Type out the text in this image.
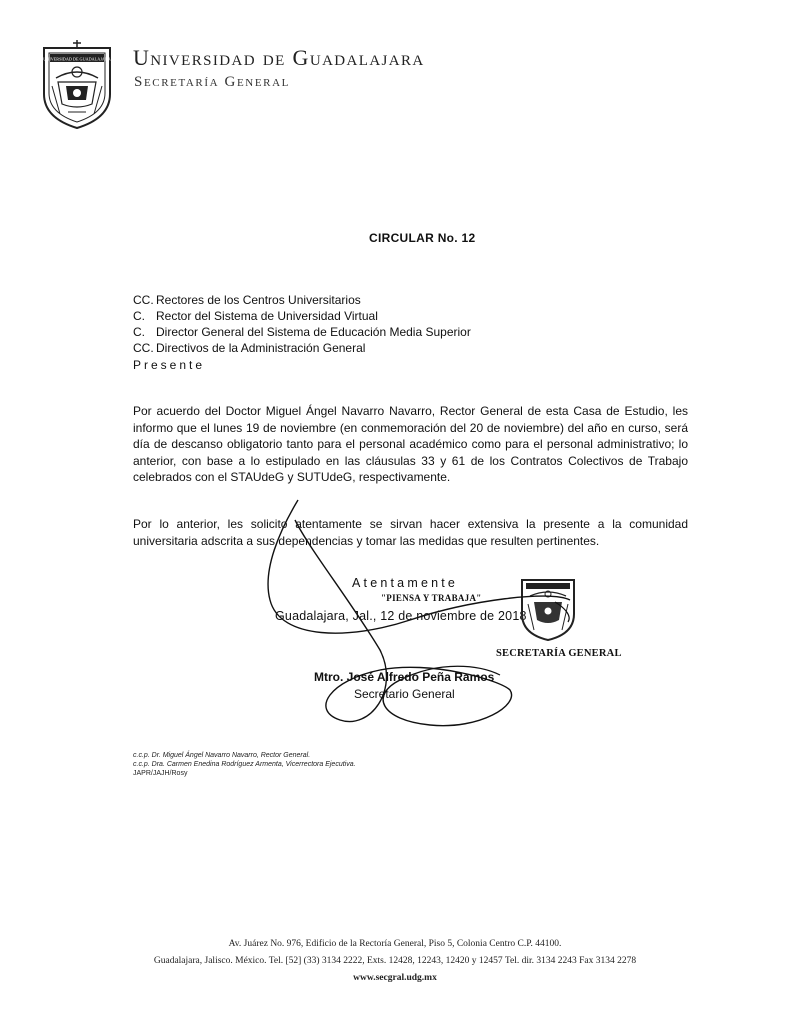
UNIVERSIDAD DE GUADALAJARA Universidad de Guadalajara
Secretaría General
CIRCULAR No. 12
CC. Rectores de los Centros Universitarios
C. Rector del Sistema de Universidad Virtual
C. Director General del Sistema de Educación Media Superior
CC. Directivos de la Administración General
Presente
Por acuerdo del Doctor Miguel Ángel Navarro Navarro, Rector General de esta Casa de Estudio, les informo que el lunes 19 de noviembre (en conmemoración del 20 de noviembre) del año en curso, será día de descanso obligatorio tanto para el personal académico como para el personal administrativo; lo anterior, con base a lo estipulado en las cláusulas 33 y 61 de los Contratos Colectivos de Trabajo celebrados con el STAUdeG y SUTUdeG, respectivamente.
Por lo anterior, les solicito atentamente se sirvan hacer extensiva la presente a la comunidad universitaria adscrita a sus dependencias y tomar las medidas que resulten pertinentes.
Atentamente
"PIENSA Y TRABAJA"
Guadalajara, Jal., 12 de noviembre de 2018
SECRETARÍA GENERAL
Mtro. José Alfredo Peña Ramos
Secretario General
c.c.p. Dr. Miguel Ángel Navarro Navarro, Rector General.
c.c.p. Dra. Carmen Enedina Rodríguez Armenta, Vicerrectora Ejecutiva.
JAPR/JAJH/Rosy
Av. Juárez No. 976, Edificio de la Rectoría General, Piso 5, Colonia Centro C.P. 44100.
Guadalajara, Jalisco. México. Tel. [52] (33) 3134 2222, Exts. 12428, 12243, 12420 y 12457 Tel. dir. 3134 2243 Fax 3134 2278
www.secgral.udg.mx
